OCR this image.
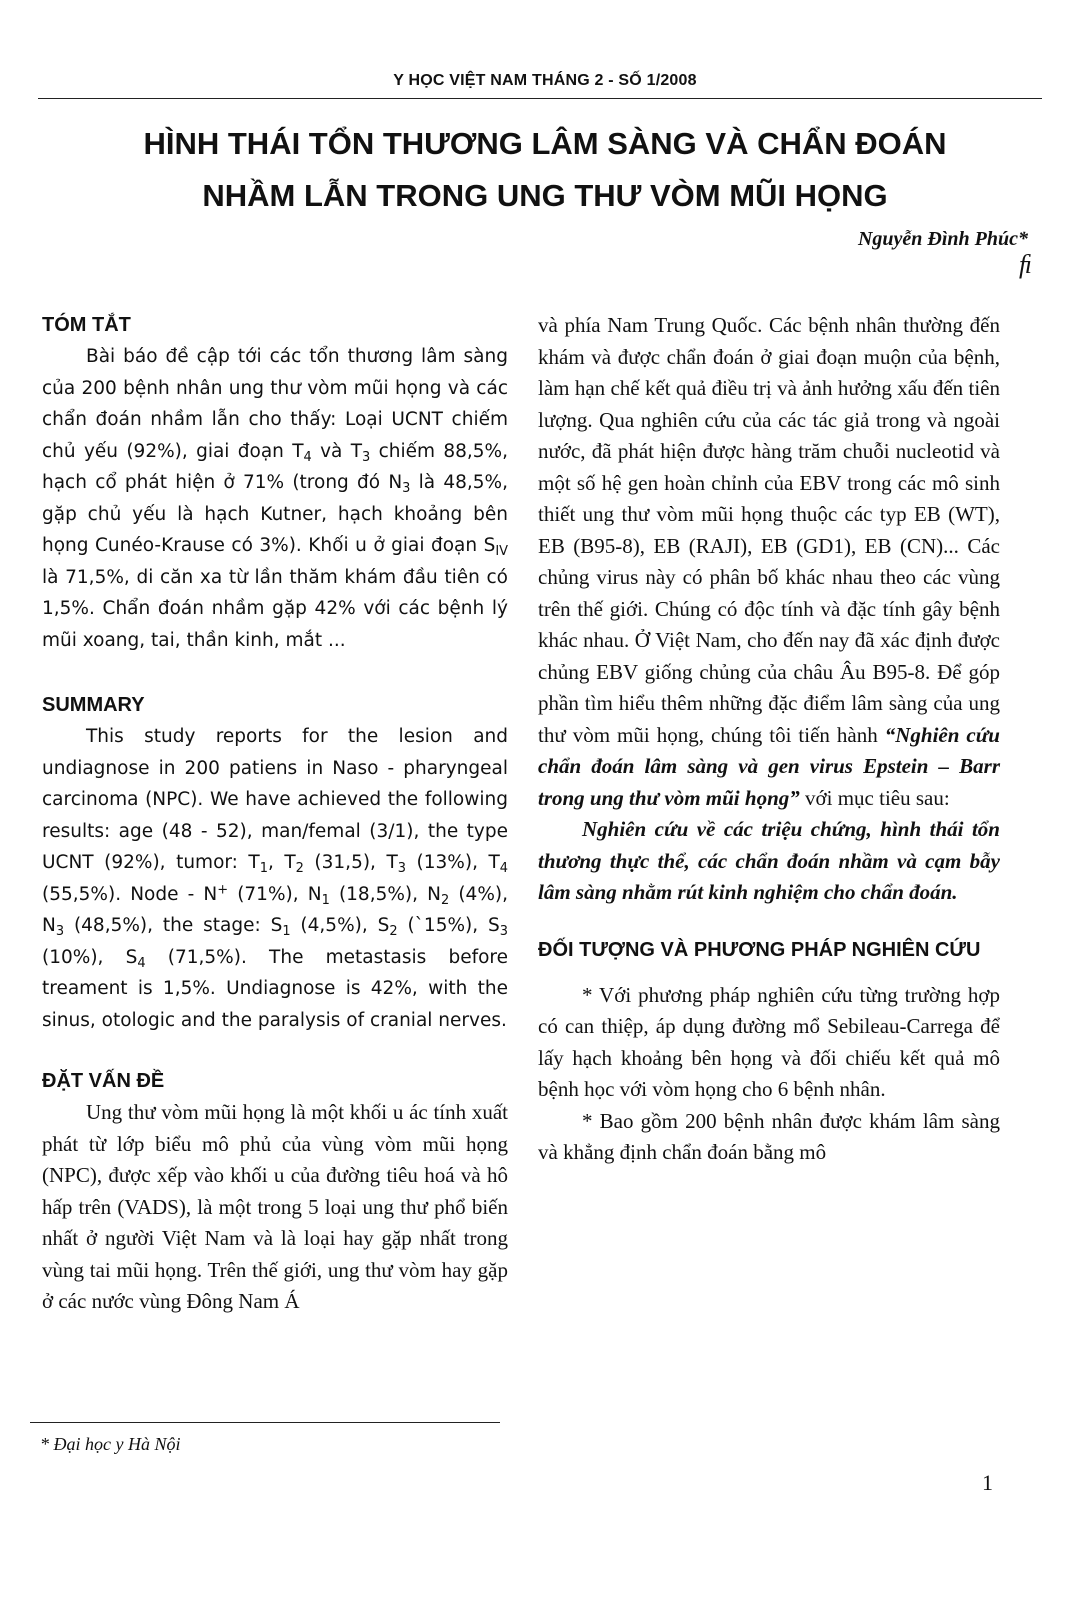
Y HỌC VIỆT NAM THÁNG 2 - SỐ 1/2008
HÌNH THÁI TỔN THƯƠNG LÂM SÀNG VÀ CHẨN ĐOÁN
NHẦM LẪN TRONG UNG THƯ VÒM MŨI HỌNG
Nguyễn Đình Phúc*
ﬁ
TÓM TẮT

Bài báo đề cập tới các tổn thương lâm sàng của 200 bệnh nhân ung thư vòm mũi họng và các chẩn đoán nhầm lẫn cho thấy: Loại UCNT chiếm chủ yếu (92%), giai đoạn $T_4$ và $T_3$ chiếm 88,5%, hạch cổ phát hiện ở 71% (trong đó $N_3$ là 48,5%, gặp chủ yếu là hạch Kutner, hạch khoảng bên họng Cunéo-Krause có 3%). Khối u ở giai đoạn $S_{IV}$ là 71,5%, di căn xa từ lần thăm khám đầu tiên có 1,5%. Chẩn đoán nhầm gặp 42% với các bệnh lý mũi xoang, tai, thần kinh, mắt ...

SUMMARY

This study reports for the lesion and undiagnose in 200 patiens in Naso - pharyngeal carcinoma (NPC). We have achieved the following results: age (48 - 52), man/femal (3/1), the type UCNT (92%), tumor: $T_1$, $T_2$ (31,5), $T_3$ (13%), $T_4$ (55,5%). Node - N+ (71%), $N_1$ (18,5%), $N_2$ (4%), $N_3$ (48,5%), the stage: $S_1$ (4,5%), $S_2$ (`15%), $S_3$ (10%), $S_4$ (71,5%). The metastasis before treament is 1,5%. Undiagnose is 42%, with the sinus, otologic and the paralysis of cranial nerves.

ĐẶT VẤN ĐỀ

Ung thư vòm mũi họng là một khối u ác tính xuất phát từ lớp biểu mô phủ của vùng vòm mũi họng (NPC), được xếp vào khối u của đường tiêu hoá và hô hấp trên (VADS), là một trong 5 loại ung thư phổ biến nhất ở người Việt Nam và là loại hay gặp nhất trong vùng tai mũi họng. Trên thế giới, ung thư vòm hay gặp ở các nước vùng Đông Nam Á

và phía Nam Trung Quốc. Các bệnh nhân thường đến khám và được chẩn đoán ở giai đoạn muộn của bệnh, làm hạn chế kết quả điều trị và ảnh hưởng xấu đến tiên lượng. Qua nghiên cứu của các tác giả trong và ngoài nước, đã phát hiện được hàng trăm chuỗi nucleotid và một số hệ gen hoàn chỉnh của EBV trong các mô sinh thiết ung thư vòm mũi họng thuộc các typ EB (WT), EB (B95-8), EB (RAJI), EB (GD1), EB (CN)... Các chủng virus này có phân bố khác nhau theo các vùng trên thế giới. Chúng có độc tính và đặc tính gây bệnh khác nhau. Ở Việt Nam, cho đến nay đã xác định được chủng EBV giống chủng của châu Âu B95-8. Để góp phần tìm hiểu thêm những đặc điểm lâm sàng của ung thư vòm mũi họng, chúng tôi tiến hành “Nghiên cứu chẩn đoán lâm sàng và gen virus Epstein – Barr trong ung thư vòm mũi họng” với mục tiêu sau:

Nghiên cứu về các triệu chứng, hình thái tổn thương thực thể, các chẩn đoán nhầm và cạm bẫy lâm sàng nhằm rút kinh nghiệm cho chẩn đoán.

ĐỐI TƯỢNG VÀ PHƯƠNG PHÁP NGHIÊN CỨU

* Với phương pháp nghiên cứu từng trường hợp có can thiệp, áp dụng đường mổ Sebileau-Carrega để lấy hạch khoảng bên họng và đối chiếu kết quả mô bệnh học với vòm họng cho 6 bệnh nhân.

* Bao gồm 200 bệnh nhân được khám lâm sàng và khẳng định chẩn đoán bằng mô

* Đại học y Hà Nội
1
